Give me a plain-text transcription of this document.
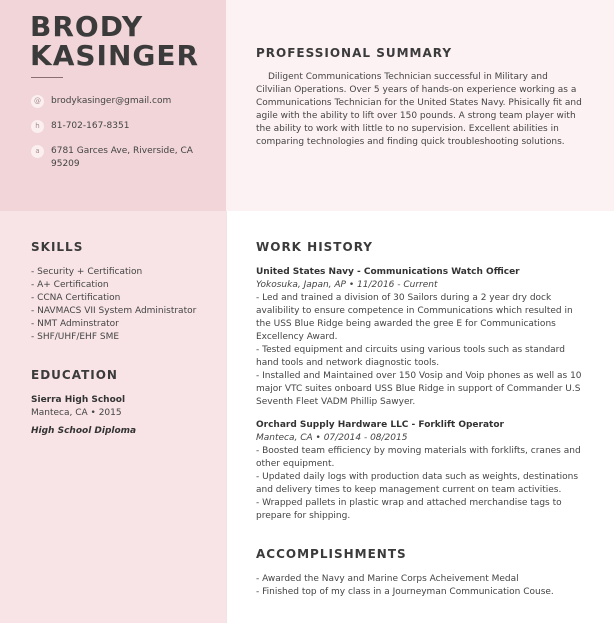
BRODY
KASINGER
@	brodykasinger@gmail.com
h	81-702-167-8351
a	6781 Garces Ave, Riverside, CA 95209
SKILLS
- Security + Certification
- A+ Certification
- CCNA Certification
- NAVMACS VII System Administrator
- NMT Adminstrator
- SHF/UHF/EHF SME
EDUCATION
Sierra High School
Manteca, CA • 2015
High School Diploma
PROFESSIONAL SUMMARY
Diligent Communications Technician successful in Military and Cilvilian Operations. Over 5 years of hands-on experience working as a Communications Technician for the United States Navy. Phisically fit and agile with the ability to lift over 150 pounds. A strong team player with the ability to work with little to no supervision. Excellent abilities in comparing technologies and finding quick troubleshooting solutions.
WORK HISTORY
United States Navy - Communications Watch Officer
Yokosuka, Japan, AP • 11/2016 - Current
- Led and trained a division of 30 Sailors during a 2 year dry dock avalibility to ensure competence in Communications which resulted in the USS Blue Ridge being awarded the gree E for Communications Excellency Award.
- Tested equipment and circuits using various tools such as standard hand tools and network diagnostic tools.
- Installed and Maintained over 150 Vosip and Voip phones as well as 10 major VTC suites onboard USS Blue Ridge in support of Commander U.S Seventh Fleet VADM Phillip Sawyer.
Orchard Supply Hardware LLC - Forklift Operator
Manteca, CA • 07/2014 - 08/2015
- Boosted team efficiency by moving materials with forklifts, cranes and other equipment.
- Updated daily logs with production data such as weights, destinations and delivery times to keep management current on team activities.
- Wrapped pallets in plastic wrap and attached merchandise tags to prepare for shipping.
ACCOMPLISHMENTS
- Awarded the Navy and Marine Corps Acheivement Medal
- Finished top of my class in a Journeyman Communication Couse.
